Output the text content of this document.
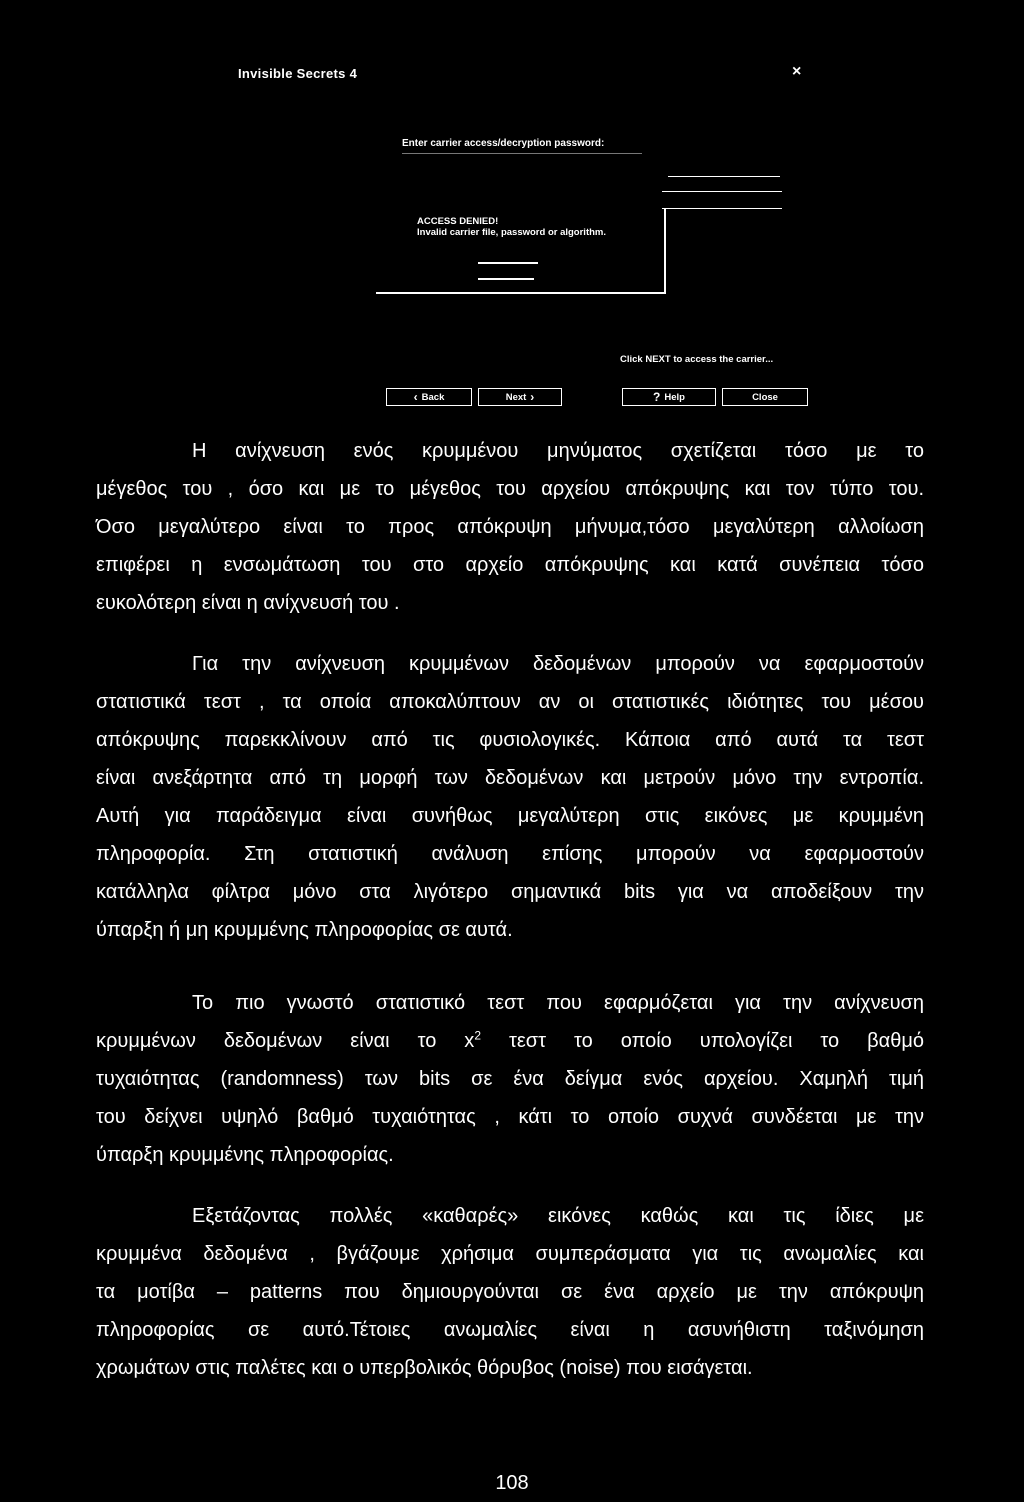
Invisible Secrets 4	×
Enter carrier access/decryption password:
ACCESS DENIED!
Invalid carrier file, password or algorithm.
Click NEXT to access the carrier...
‹ Back	Next ›	? Help	Close
Η ανίχνευση ενός κρυμμένου μηνύματος σχετίζεται τόσο με το
μέγεθος του , όσο και με το μέγεθος του αρχείου απόκρυψης και τον τύπο του.
Όσο μεγαλύτερο είναι το προς απόκρυψη μήνυμα,τόσο μεγαλύτερη αλλοίωση
επιφέρει η ενσωμάτωση του στο αρχείο απόκρυψης και κατά συνέπεια τόσο
ευκολότερη είναι η ανίχνευσή του .
Για την ανίχνευση κρυμμένων δεδομένων μπορούν να εφαρμοστούν
στατιστικά τεστ , τα οποία αποκαλύπτουν αν οι στατιστικές ιδιότητες του μέσου
απόκρυψης παρεκκλίνουν από τις φυσιολογικές. Κάποια από αυτά τα τεστ
είναι ανεξάρτητα από τη μορφή των δεδομένων και μετρούν μόνο την εντροπία.
Αυτή για παράδειγμα είναι συνήθως μεγαλύτερη στις εικόνες με κρυμμένη
πληροφορία. Στη στατιστική ανάλυση επίσης μπορούν να εφαρμοστούν
κατάλληλα φίλτρα μόνο στα λιγότερο σημαντικά bits για να αποδείξουν την
ύπαρξη ή μη κρυμμένης πληροφορίας σε αυτά.
Το πιο γνωστό στατιστικό τεστ που εφαρμόζεται για την ανίχνευση
κρυμμένων δεδομένων είναι το $x^2$ τεστ το οποίο υπολογίζει το βαθμό
τυχαιότητας (randomness) των bits σε ένα δείγμα ενός αρχείου. Χαμηλή τιμή
του δείχνει υψηλό βαθμό τυχαιότητας , κάτι το οποίο συχνά συνδέεται με την
ύπαρξη κρυμμένης πληροφορίας.
Εξετάζοντας πολλές «καθαρές» εικόνες καθώς και τις ίδιες με
κρυμμένα δεδομένα , βγάζουμε χρήσιμα συμπεράσματα για τις ανωμαλίες και
τα μοτίβα – patterns που δημιουργούνται σε ένα αρχείο με την απόκρυψη
πληροφορίας σε αυτό.Τέτοιες ανωμαλίες είναι η ασυνήθιστη ταξινόμηση
χρωμάτων στις παλέτες και ο υπερβολικός θόρυβος (noise) που εισάγεται.
108
